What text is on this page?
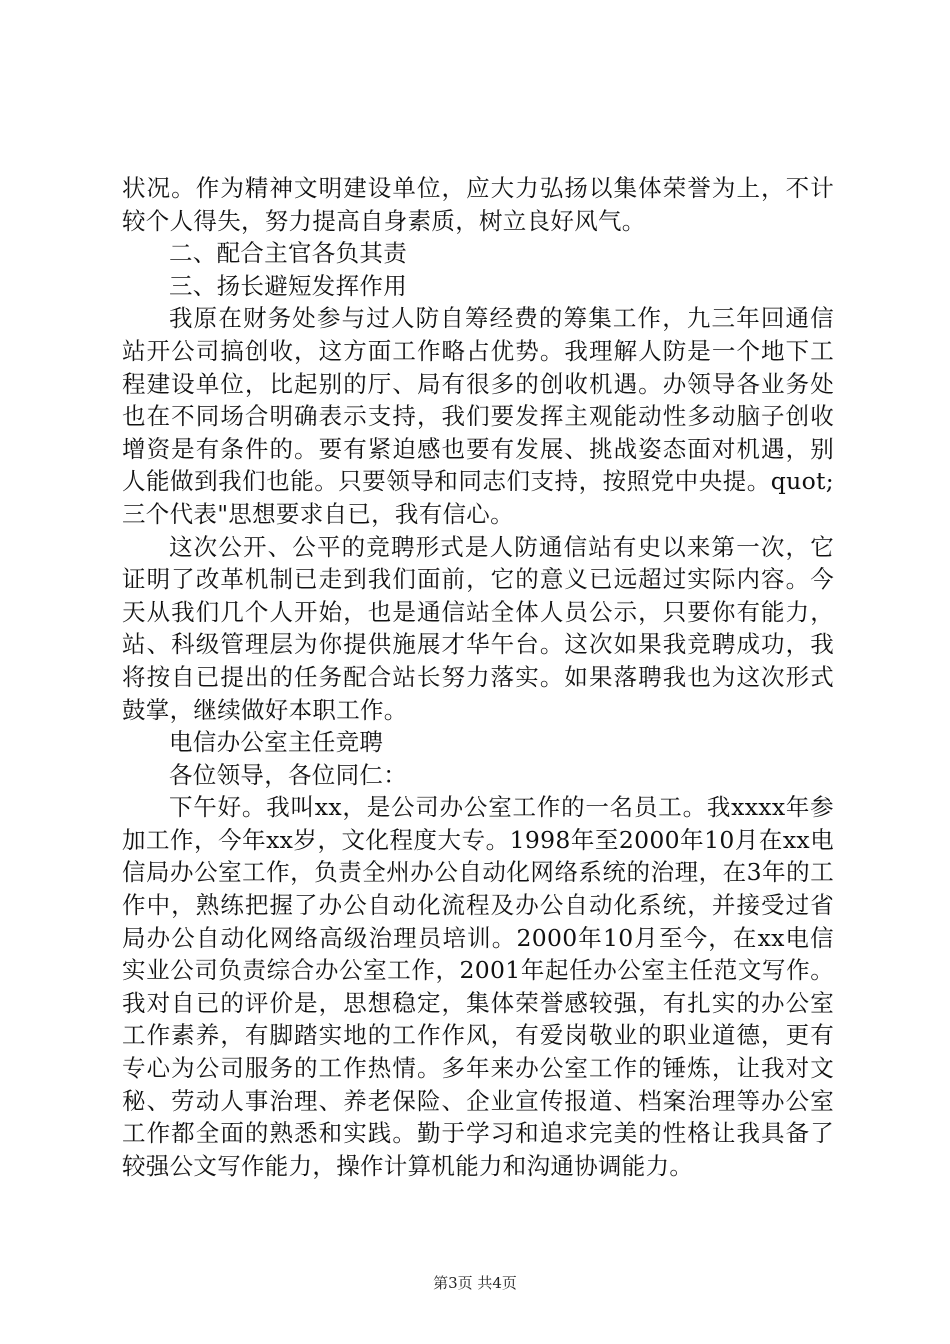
状况。作为精神文明建设单位，应大力弘扬以集体荣誉为上，不计较个人得失，努力提高自身素质，树立良好风气。

二、配合主官各负其责

三、扬长避短发挥作用

我原在财务处参与过人防自筹经费的筹集工作，九三年回通信站开公司搞创收，这方面工作略占优势。我理解人防是一个地下工程建设单位，比起别的厅、局有很多的创收机遇。办领导各业务处也在不同场合明确表示支持，我们要发挥主观能动性多动脑子创收增资是有条件的。要有紧迫感也要有发展、挑战姿态面对机遇，别人能做到我们也能。只要领导和同志们支持，按照党中央提。quot;三个代表"思想要求自已，我有信心。

这次公开、公平的竞聘形式是人防通信站有史以来第一次，它证明了改革机制已走到我们面前，它的意义已远超过实际内容。今天从我们几个人开始，也是通信站全体人员公示，只要你有能力，站、科级管理层为你提供施展才华午台。这次如果我竞聘成功，我将按自已提出的任务配合站长努力落实。如果落聘我也为这次形式鼓掌，继续做好本职工作。

电信办公室主任竞聘

各位领导，各位同仁：

下午好。我叫xx，是公司办公室工作的一名员工。我xxxx年参加工作，今年xx岁，文化程度大专。1998年至2000年10月在xx电信局办公室工作，负责全州办公自动化网络系统的治理，在3年的工作中，熟练把握了办公自动化流程及办公自动化系统，并接受过省局办公自动化网络高级治理员培训。2000年10月至今，在xx电信实业公司负责综合办公室工作，2001年起任办公室主任范文写作。我对自已的评价是，思想稳定，集体荣誉感较强，有扎实的办公室工作素养，有脚踏实地的工作作风，有爱岗敬业的职业道德，更有专心为公司服务的工作热情。多年来办公室工作的锤炼，让我对文秘、劳动人事治理、养老保险、企业宣传报道、档案治理等办公室工作都全面的熟悉和实践。勤于学习和追求完美的性格让我具备了较强公文写作能力，操作计算机能力和沟通协调能力。

第3页 共4页
